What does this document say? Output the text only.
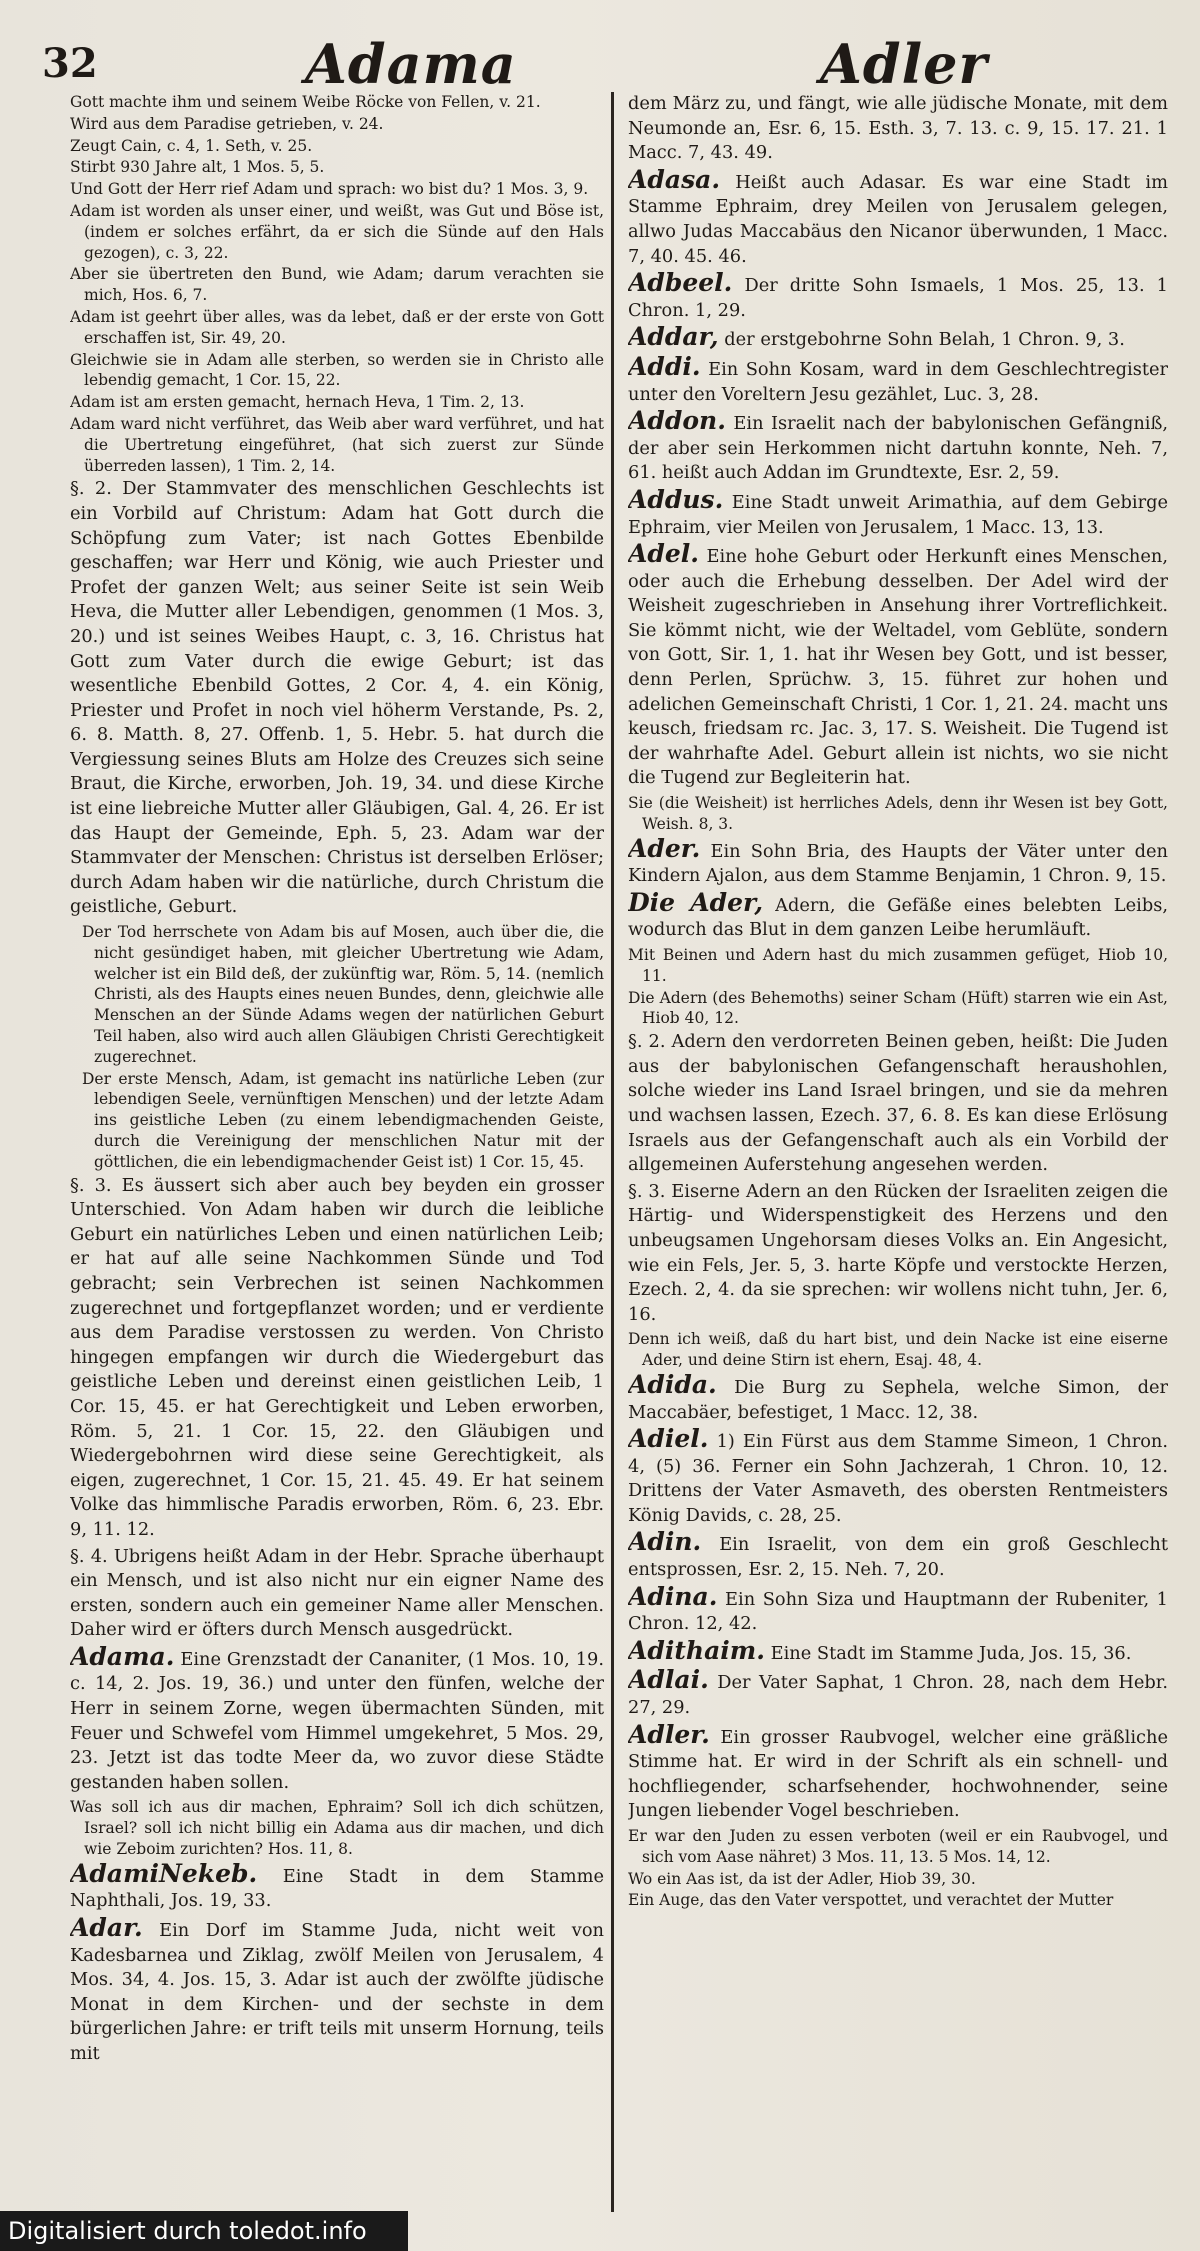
32	Adama	Adler
Gott machte ihm und seinem Weibe Röcke von Fellen, v. 21.
Wird aus dem Paradise getrieben, v. 24.
Zeugt Cain, c. 4, 1. Seth, v. 25.
Stirbt 930 Jahre alt, 1 Mos. 5, 5.
Und Gott der Herr rief Adam und sprach: wo bist du? 1 Mos. 3, 9.
Adam ist worden als unser einer, und weißt, was Gut und Böse ist, (indem er solches erfährt, da er sich die Sünde auf den Hals gezogen), c. 3, 22.
Aber sie übertreten den Bund, wie Adam; darum verachten sie mich, Hos. 6, 7.
Adam ist geehrt über alles, was da lebet, daß er der erste von Gott erschaffen ist, Sir. 49, 20.
Gleichwie sie in Adam alle sterben, so werden sie in Christo alle lebendig gemacht, 1 Cor. 15, 22.
Adam ist am ersten gemacht, hernach Heva, 1 Tim. 2, 13.
Adam ward nicht verführet, das Weib aber ward verführet, und hat die Ubertretung eingeführet, (hat sich zuerst zur Sünde überreden lassen), 1 Tim. 2, 14.
§. 2. Der Stammvater des menschlichen Geschlechts ist ein Vorbild auf Christum: Adam hat Gott durch die Schöpfung zum Vater; ist nach Gottes Ebenbilde geschaffen; war Herr und König, wie auch Priester und Profet der ganzen Welt; aus seiner Seite ist sein Weib Heva, die Mutter aller Lebendigen, genommen (1 Mos. 3, 20.) und ist seines Weibes Haupt, c. 3, 16. Christus hat Gott zum Vater durch die ewige Geburt; ist das wesentliche Ebenbild Gottes, 2 Cor. 4, 4. ein König, Priester und Profet in noch viel höherm Verstande, Ps. 2, 6. 8. Matth. 8, 27. Offenb. 1, 5. Hebr. 5. hat durch die Vergiessung seines Bluts am Holze des Creuzes sich seine Braut, die Kirche, erworben, Joh. 19, 34. und diese Kirche ist eine liebreiche Mutter aller Gläubigen, Gal. 4, 26. Er ist das Haupt der Gemeinde, Eph. 5, 23. Adam war der Stammvater der Menschen: Christus ist derselben Erlöser; durch Adam haben wir die natürliche, durch Christum die geistliche, Geburt.
Der Tod herrschete von Adam bis auf Mosen, auch über die, die nicht gesündiget haben, mit gleicher Ubertretung wie Adam, welcher ist ein Bild deß, der zukünftig war, Röm. 5, 14. (nemlich Christi, als des Haupts eines neuen Bundes, denn, gleichwie alle Menschen an der Sünde Adams wegen der natürlichen Geburt Teil haben, also wird auch allen Gläubigen Christi Gerechtigkeit zugerechnet.
Der erste Mensch, Adam, ist gemacht ins natürliche Leben (zur lebendigen Seele, vernünftigen Menschen) und der letzte Adam ins geistliche Leben (zu einem lebendigmachenden Geiste, durch die Vereinigung der menschlichen Natur mit der göttlichen, die ein lebendigmachender Geist ist) 1 Cor. 15, 45.
§. 3. Es äussert sich aber auch bey beyden ein grosser Unterschied. Von Adam haben wir durch die leibliche Geburt ein natürliches Leben und einen natürlichen Leib; er hat auf alle seine Nachkommen Sünde und Tod gebracht; sein Verbrechen ist seinen Nachkommen zugerechnet und fortgepflanzet worden; und er verdiente aus dem Paradise verstossen zu werden. Von Christo hingegen empfangen wir durch die Wiedergeburt das geistliche Leben und dereinst einen geistlichen Leib, 1 Cor. 15, 45. er hat Gerechtigkeit und Leben erworben, Röm. 5, 21. 1 Cor. 15, 22. den Gläubigen und Wiedergebohrnen wird diese seine Gerechtigkeit, als eigen, zugerechnet, 1 Cor. 15, 21. 45. 49. Er hat seinem Volke das himmlische Paradis erworben, Röm. 6, 23. Ebr. 9, 11. 12.
§. 4. Ubrigens heißt Adam in der Hebr. Sprache überhaupt ein Mensch, und ist also nicht nur ein eigner Name des ersten, sondern auch ein gemeiner Name aller Menschen. Daher wird er öfters durch Mensch ausgedrückt.
Adama. Eine Grenzstadt der Cananiter, (1 Mos. 10, 19. c. 14, 2. Jos. 19, 36.) und unter den fünfen, welche der Herr in seinem Zorne, wegen übermachten Sünden, mit Feuer und Schwefel vom Himmel umgekehret, 5 Mos. 29, 23. Jetzt ist das todte Meer da, wo zuvor diese Städte gestanden haben sollen.
Was soll ich aus dir machen, Ephraim? Soll ich dich schützen, Israel? soll ich nicht billig ein Adama aus dir machen, und dich wie Zeboim zurichten? Hos. 11, 8.
AdamiNekeb. Eine Stadt in dem Stamme Naphthali, Jos. 19, 33.
Adar. Ein Dorf im Stamme Juda, nicht weit von Kadesbarnea und Ziklag, zwölf Meilen von Jerusalem, 4 Mos. 34, 4. Jos. 15, 3. Adar ist auch der zwölfte jüdische Monat in dem Kirchen- und der sechste in dem bürgerlichen Jahre: er trift teils mit unserm Hornung, teils mit
dem März zu, und fängt, wie alle jüdische Monate, mit dem Neumonde an, Esr. 6, 15. Esth. 3, 7. 13. c. 9, 15. 17. 21. 1 Macc. 7, 43. 49.
Adasa. Heißt auch Adasar. Es war eine Stadt im Stamme Ephraim, drey Meilen von Jerusalem gelegen, allwo Judas Maccabäus den Nicanor überwunden, 1 Macc. 7, 40. 45. 46.
Adbeel. Der dritte Sohn Ismaels, 1 Mos. 25, 13. 1 Chron. 1, 29.
Addar, der erstgebohrne Sohn Belah, 1 Chron. 9, 3.
Addi. Ein Sohn Kosam, ward in dem Geschlechtregister unter den Voreltern Jesu gezählet, Luc. 3, 28.
Addon. Ein Israelit nach der babylonischen Gefängniß, der aber sein Herkommen nicht dartuhn konnte, Neh. 7, 61. heißt auch Addan im Grundtexte, Esr. 2, 59.
Addus. Eine Stadt unweit Arimathia, auf dem Gebirge Ephraim, vier Meilen von Jerusalem, 1 Macc. 13, 13.
Adel. Eine hohe Geburt oder Herkunft eines Menschen, oder auch die Erhebung desselben. Der Adel wird der Weisheit zugeschrieben in Ansehung ihrer Vortreflichkeit. Sie kömmt nicht, wie der Weltadel, vom Geblüte, sondern von Gott, Sir. 1, 1. hat ihr Wesen bey Gott, und ist besser, denn Perlen, Sprüchw. 3, 15. führet zur hohen und adelichen Gemeinschaft Christi, 1 Cor. 1, 21. 24. macht uns keusch, friedsam rc. Jac. 3, 17. S. Weisheit. Die Tugend ist der wahrhafte Adel. Geburt allein ist nichts, wo sie nicht die Tugend zur Begleiterin hat.
Sie (die Weisheit) ist herrliches Adels, denn ihr Wesen ist bey Gott, Weish. 8, 3.
Ader. Ein Sohn Bria, des Haupts der Väter unter den Kindern Ajalon, aus dem Stamme Benjamin, 1 Chron. 9, 15.
Die Ader, Adern, die Gefäße eines belebten Leibs, wodurch das Blut in dem ganzen Leibe herumläuft.
Mit Beinen und Adern hast du mich zusammen gefüget, Hiob 10, 11.
Die Adern (des Behemoths) seiner Scham (Hüft) starren wie ein Ast, Hiob 40, 12.
§. 2. Adern den verdorreten Beinen geben, heißt: Die Juden aus der babylonischen Gefangenschaft heraushohlen, solche wieder ins Land Israel bringen, und sie da mehren und wachsen lassen, Ezech. 37, 6. 8. Es kan diese Erlösung Israels aus der Gefangenschaft auch als ein Vorbild der allgemeinen Auferstehung angesehen werden.
§. 3. Eiserne Adern an den Rücken der Israeliten zeigen die Härtig- und Widerspenstigkeit des Herzens und den unbeugsamen Ungehorsam dieses Volks an. Ein Angesicht, wie ein Fels, Jer. 5, 3. harte Köpfe und verstockte Herzen, Ezech. 2, 4. da sie sprechen: wir wollens nicht tuhn, Jer. 6, 16.
Denn ich weiß, daß du hart bist, und dein Nacke ist eine eiserne Ader, und deine Stirn ist ehern, Esaj. 48, 4.
Adida. Die Burg zu Sephela, welche Simon, der Maccabäer, befestiget, 1 Macc. 12, 38.
Adiel. 1) Ein Fürst aus dem Stamme Simeon, 1 Chron. 4, (5) 36. Ferner ein Sohn Jachzerah, 1 Chron. 10, 12. Drittens der Vater Asmaveth, des obersten Rentmeisters König Davids, c. 28, 25.
Adin. Ein Israelit, von dem ein groß Geschlecht entsprossen, Esr. 2, 15. Neh. 7, 20.
Adina. Ein Sohn Siza und Hauptmann der Rubeniter, 1 Chron. 12, 42.
Adithaim. Eine Stadt im Stamme Juda, Jos. 15, 36.
Adlai. Der Vater Saphat, 1 Chron. 28, nach dem Hebr. 27, 29.
Adler. Ein grosser Raubvogel, welcher eine gräßliche Stimme hat. Er wird in der Schrift als ein schnell- und hochfliegender, scharfsehender, hochwohnender, seine Jungen liebender Vogel beschrieben.
Er war den Juden zu essen verboten (weil er ein Raubvogel, und sich vom Aase nähret) 3 Mos. 11, 13. 5 Mos. 14, 12.
Wo ein Aas ist, da ist der Adler, Hiob 39, 30.
Ein Auge, das den Vater verspottet, und verachtet der Mutter
Digitalisiert durch toledot.info
